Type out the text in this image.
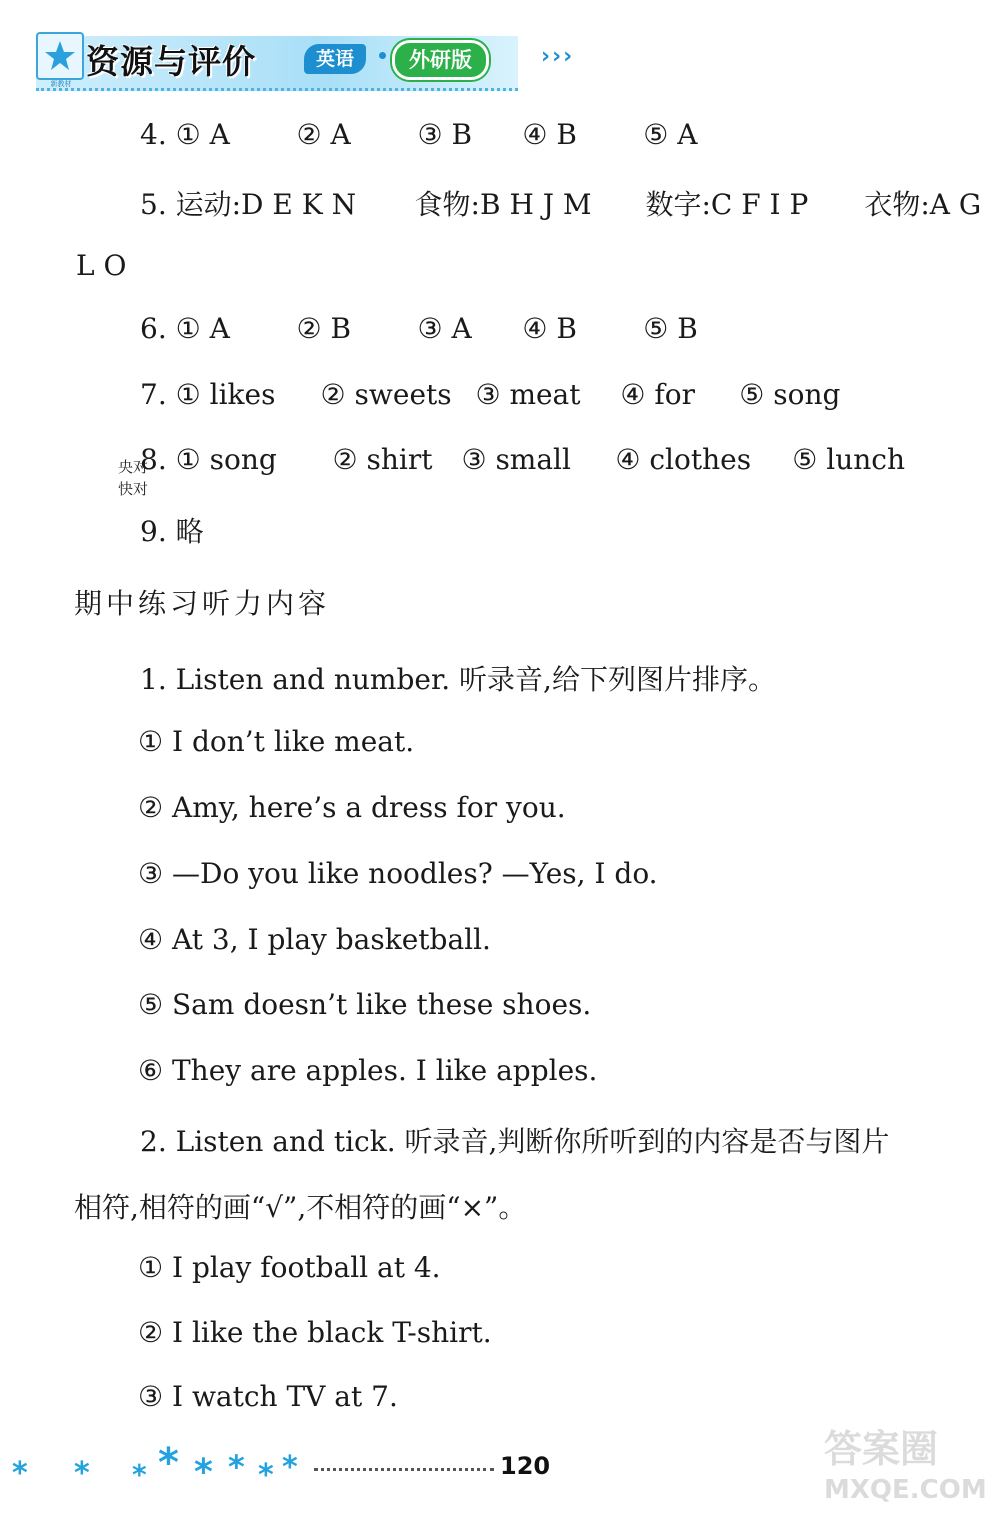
新教材
资源与评价	英语	外研版	›››
4. ① A ② A ③ B ④ B ⑤ A
5. 运动:D E K N 食物:B H J M 数字:C F I P 衣物:A G
L O
6. ① A ② B ③ A ④ B ⑤ B
7. ① likes ② sweets ③ meat ④ for ⑤ song
央对
快对
8. ① song ② shirt ③ small ④ clothes ⑤ lunch
9. 略
期中练习听力内容
1. Listen and number. 听录音,给下列图片排序。
① I don’t like meat.
② Amy, here’s a dress for you.
③ —Do you like noodles? —Yes, I do.
④ At 3, I play basketball.
⑤ Sam doesn’t like these shoes.
⑥ They are apples. I like apples.
2. Listen and tick. 听录音,判断你所听到的内容是否与图片
相符,相符的画“√”,不相符的画“×”。
① I play football at 4.
② I like the black T-shirt.
③ I watch TV at 7.
* * * * * * * *	120	答案圈
MXQE.COM
